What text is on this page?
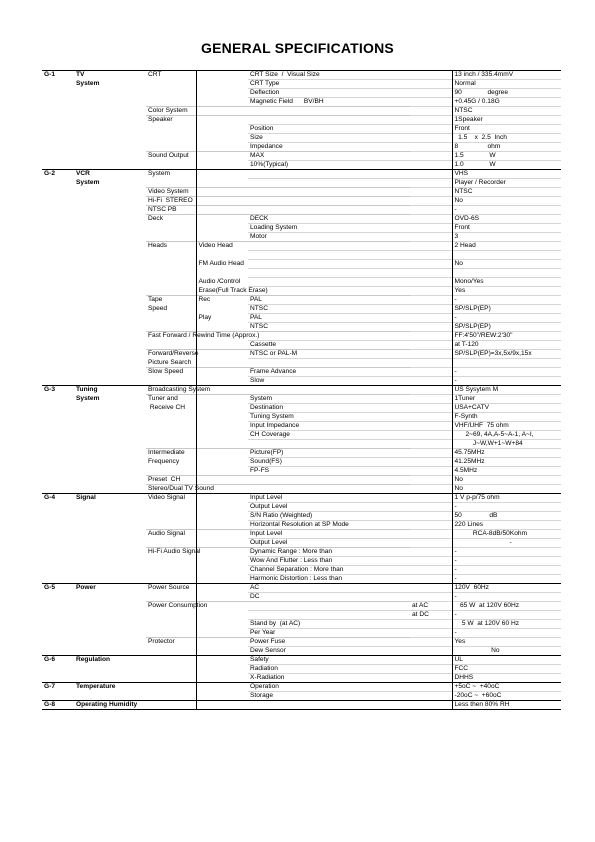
GENERAL SPECIFICATIONS
G-1	TV	CRT		CRT Size  /  Visual Size		13 inch / 335.4mmV
	System			CRT Type		Normal
				Deflection		90              degree
				Magnetic Field      BV/BH		+0.45G / 0.18G
		Color System				NTSC
		Speaker				1Speaker
				Position		Front
				Size		1.5    x  2.5  Inch
				Impedance		8                ohm
		Sound Output		MAX		1.5              W
				10%(Typical)		1.0              W
G-2	VCR	System				VHS
	System					Player / Recorder
		Video System				NTSC
		Hi-Fi  STEREO				No
		NTSC PB				-
		Deck		DECK		OVD-6S
				Loading System		Front
				Motor		3
		Heads	Video Head			2 Head

			FM Audio Head			No

			Audio /Control			Mono/Yes
			Erase(Full Track Erase)			Yes
		Tape	Rec	PAL		-
		Speed		NTSC		SP/SLP(EP)
			Play	PAL		-
				NTSC		SP/SLP(EP)
		Fast Forward / Rewind Time (Approx.)				FF:4'50"/REW:2'30"
				Cassette		at T-120
		Forward/Reverse		NTSC or PAL-M		SP/SLP(EP)=3x,5x/9x,15x
		Picture Search				
		Slow Speed		Frame Advance		-
				Slow		-
G-3	Tuning	Broadcasting System				US Sysytem M
	System	Tuner and		System		1Tuner
		Receive CH		Destination		USA+CATV
				Tuning System		F-Synth
				Input Impedance		VHF/UHF  75 ohm
				CH Coverage		2~69, 4A,A-5~A-1, A~I,
						J~W,W+1~W+84
		Intermediate		Picture(FP)		45.75MHz
		Frequency		Sound(FS)		41.25MHz
				FP-FS		4.5MHz
		Preset  CH				No
		Stereo/Dual TV Sound				No
G-4	Signal	Video Signal		Input Level		1 V p-p/75 ohm
				Output Level		-
				S/N Ratio (Weighted)		50               dB
				Horizontal Resolution at SP Mode		220 Lines
		Audio Signal		Input Level		RCA-8dB/50Kohm
				Output Level		-
		Hi-Fi Audio Signal		Dynamic Range : More than		-
				Wow And Flutter : Less than		-
				Channel Separation : More than		-
				Harmonic Distortion : Less than		-
G-5	Power	Power Source		AC		120V  60Hz
				DC		-
		Power Consumption			at AC	65 W  at 120V 60Hz
					at DC	-
				Stand by  (at AC)		5 W  at 120V 60 Hz
				Per Year		-
		Protector		Power Fuse		Yes
				Dew Sensor		No
G-6	Regulation			Safety		UL
				Radiation		FCC
				X-Radiation		DHHS
G-7	Temperature			Operation		+5oC ~  +40oC
				Storage		-20oC ~  +60oC
G-8	Operating Humidity					Less then 80% RH
